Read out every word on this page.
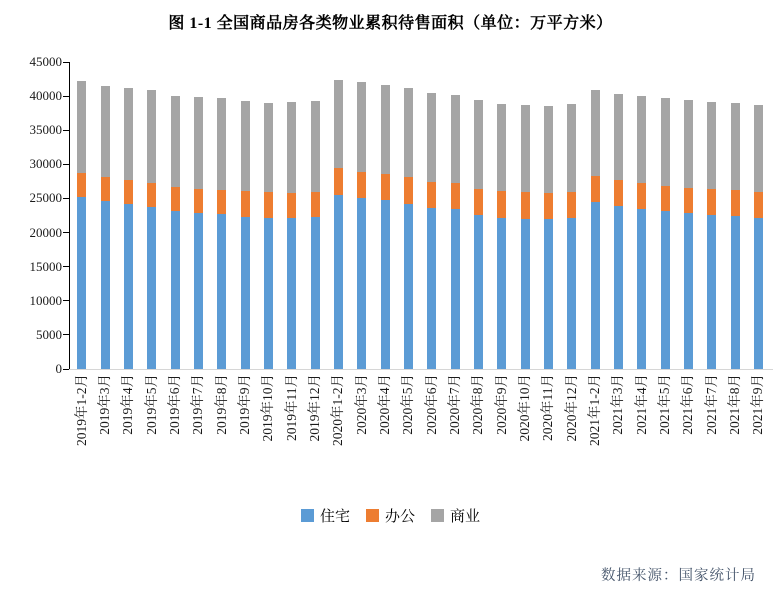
图 1-1 全国商品房各类物业累积待售面积（单位：万平方米）
0
5000
10000
15000
20000
25000
30000
35000
40000
45000
2019年1-2月 2019年3月 2019年4月 2019年5月 2019年6月 2019年7月 2019年8月 2019年9月 2019年10月 2019年11月 2019年12月 2020年1-2月 2020年3月 2020年4月 2020年5月 2020年6月 2020年7月 2020年8月 2020年9月 2020年10月 2020年11月 2020年12月 2021年1-2月 2021年3月 2021年4月 2021年5月 2021年6月 2021年7月 2021年8月 2021年9月
住宅 办公 商业
数据来源：国家统计局
